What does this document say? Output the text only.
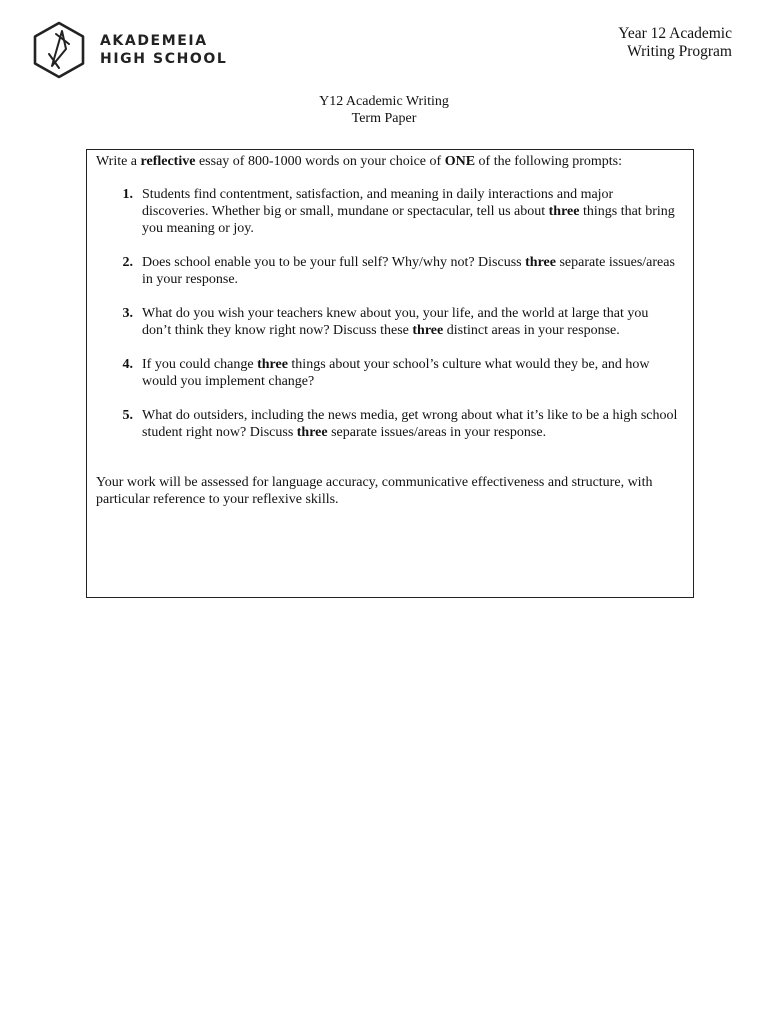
AKADEMEIA
HIGH SCHOOL
Year 12 Academic
Writing Program
Y12 Academic Writing
Term Paper

Write a reflective essay of 800-1000 words on your choice of ONE of the following prompts:

1. Students find contentment, satisfaction, and meaning in daily interactions and major discoveries. Whether big or small, mundane or spectacular, tell us about three things that bring you meaning or joy.
2. Does school enable you to be your full self? Why/why not? Discuss three separate issues/areas in your response.
3. What do you wish your teachers knew about you, your life, and the world at large that you don’t think they know right now? Discuss these three distinct areas in your response.
4. If you could change three things about your school’s culture what would they be, and how would you implement change?
5. What do outsiders, including the news media, get wrong about what it’s like to be a high school student right now? Discuss three separate issues/areas in your response.

Your work will be assessed for language accuracy, communicative effectiveness and structure, with particular reference to your reflexive skills.
